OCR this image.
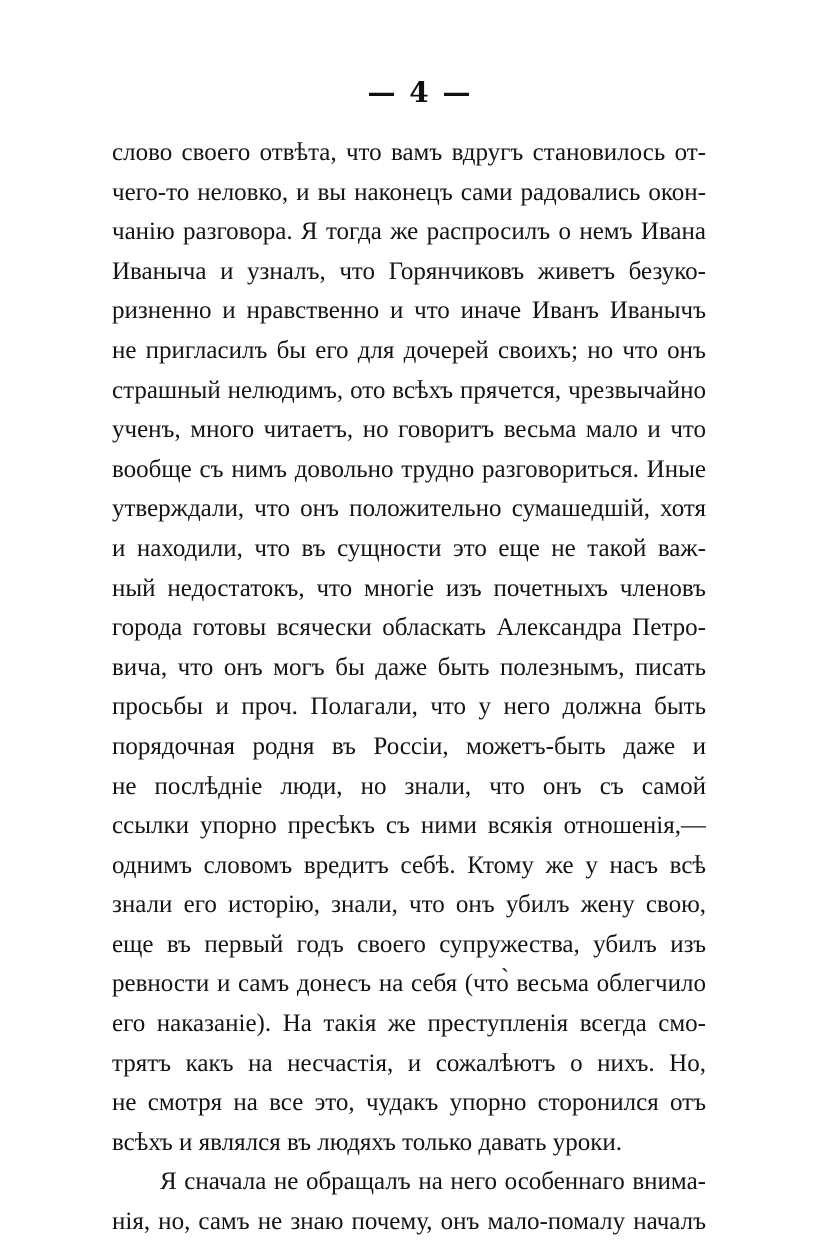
— 4 —
слово своего отвѣта, что вамъ вдругъ становилось от-
чего-то неловко, и вы наконецъ сами радовались окон-
чанію разговора. Я тогда же распросилъ о немъ Ивана
Иваныча и узналъ, что Горянчиковъ живетъ безуко-
ризненно и нравственно и что иначе Иванъ Иванычъ
не пригласилъ бы его для дочерей своихъ; но что онъ
страшный нелюдимъ, ото всѣхъ прячется, чрезвычайно
ученъ, много читаетъ, но говоритъ весьма мало и что
вообще съ нимъ довольно трудно разговориться. Иные
утверждали, что онъ положительно сумашедшій, хотя
и находили, что въ сущности это еще не такой важ-
ный недостатокъ, что многіе изъ почетныхъ членовъ
города готовы всячески обласкать Александра Петро-
вича, что онъ могъ бы даже быть полезнымъ, писать
просьбы и проч. Полагали, что у него должна быть
порядочная родня въ Россіи, можетъ-быть даже и
не послѣдніе люди, но знали, что онъ съ самой
ссылки упорно пресѣкъ съ ними всякія отношенія,—
однимъ словомъ вредитъ себѣ. Ктому же у насъ всѣ
знали его исторію, знали, что онъ убилъ жену свою,
еще въ первый годъ своего супружества, убилъ изъ
ревности и самъ донесъ на себя (что̀ весьма облегчило
его наказаніе). На такія же преступленія всегда смо-
трятъ какъ на несчастія, и сожалѣютъ о нихъ. Но,
не смотря на все это, чудакъ упорно сторонился отъ
всѣхъ и являлся въ людяхъ только давать уроки.
Я сначала не обращалъ на него особеннаго внима-
нія, но, самъ не знаю почему, онъ мало-помалу началъ
